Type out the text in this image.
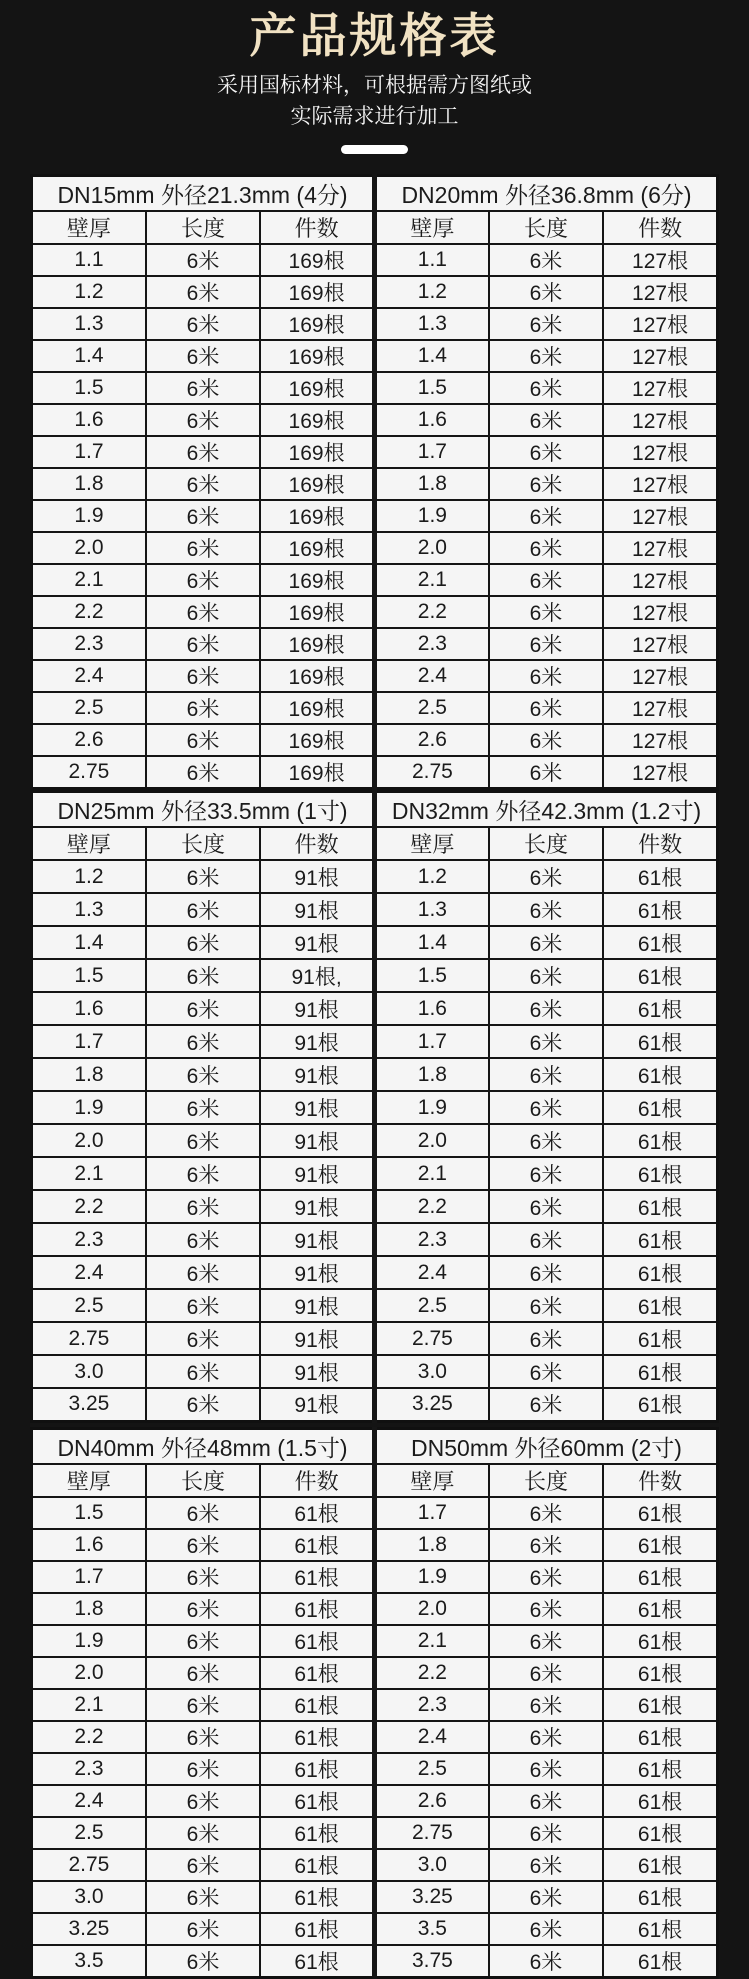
产品规格表

采用国标材料，可根据需方图纸或

实际需求进行加工

DN15mm 外径21.3mm (4分)			DN20mm 外径36.8mm (6分)		
壁厚	长度	件数	壁厚	长度	件数
1.1	6米	169根	1.1	6米	127根
1.2	6米	169根	1.2	6米	127根
1.3	6米	169根	1.3	6米	127根
1.4	6米	169根	1.4	6米	127根
1.5	6米	169根	1.5	6米	127根
1.6	6米	169根	1.6	6米	127根
1.7	6米	169根	1.7	6米	127根
1.8	6米	169根	1.8	6米	127根
1.9	6米	169根	1.9	6米	127根
2.0	6米	169根	2.0	6米	127根
2.1	6米	169根	2.1	6米	127根
2.2	6米	169根	2.2	6米	127根
2.3	6米	169根	2.3	6米	127根
2.4	6米	169根	2.4	6米	127根
2.5	6米	169根	2.5	6米	127根
2.6	6米	169根	2.6	6米	127根
2.75	6米	169根	2.75	6米	127根
DN25mm 外径33.5mm (1寸)			DN32mm 外径42.3mm (1.2寸)		
壁厚	长度	件数	壁厚	长度	件数
1.2	6米	91根	1.2	6米	61根
1.3	6米	91根	1.3	6米	61根
1.4	6米	91根	1.4	6米	61根
1.5	6米	91根,	1.5	6米	61根
1.6	6米	91根	1.6	6米	61根
1.7	6米	91根	1.7	6米	61根
1.8	6米	91根	1.8	6米	61根
1.9	6米	91根	1.9	6米	61根
2.0	6米	91根	2.0	6米	61根
2.1	6米	91根	2.1	6米	61根
2.2	6米	91根	2.2	6米	61根
2.3	6米	91根	2.3	6米	61根
2.4	6米	91根	2.4	6米	61根
2.5	6米	91根	2.5	6米	61根
2.75	6米	91根	2.75	6米	61根
3.0	6米	91根	3.0	6米	61根
3.25	6米	91根	3.25	6米	61根
DN40mm 外径48mm (1.5寸)			DN50mm 外径60mm (2寸)		
壁厚	长度	件数	壁厚	长度	件数
1.5	6米	61根	1.7	6米	61根
1.6	6米	61根	1.8	6米	61根
1.7	6米	61根	1.9	6米	61根
1.8	6米	61根	2.0	6米	61根
1.9	6米	61根	2.1	6米	61根
2.0	6米	61根	2.2	6米	61根
2.1	6米	61根	2.3	6米	61根
2.2	6米	61根	2.4	6米	61根
2.3	6米	61根	2.5	6米	61根
2.4	6米	61根	2.6	6米	61根
2.5	6米	61根	2.75	6米	61根
2.75	6米	61根	3.0	6米	61根
3.0	6米	61根	3.25	6米	61根
3.25	6米	61根	3.5	6米	61根
3.5	6米	61根	3.75	6米	61根
